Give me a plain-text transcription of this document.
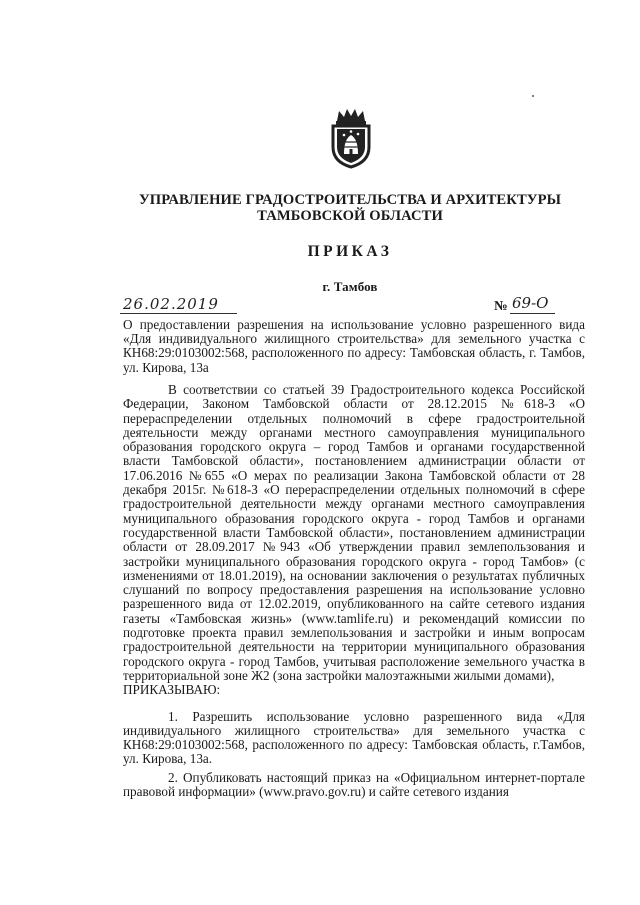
УПРАВЛЕНИЕ ГРАДОСТРОИТЕЛЬСТВА И АРХИТЕКТУРЫ
ТАМБОВСКОЙ ОБЛАСТИ
ПРИКАЗ
г. Тамбов
26.02.2019	№ 69-О
О предоставлении разрешения на использование условно разрешенного вида «Для индивидуального жилищного строительства» для земельного участка с КН68:29:0103002:568, расположенного по адресу: Тамбовская область, г. Тамбов, ул. Кирова, 13а

В соответствии со статьей 39 Градостроительного кодекса Российской Федерации, Законом Тамбовской области от 28.12.2015 №618-З «О перераспределении отдельных полномочий в сфере градостроительной деятельности между органами местного самоуправления муниципального образования городского округа – город Тамбов и органами государственной власти Тамбовской области», постановлением администрации области от 17.06.2016 №655 «О мерах по реализации Закона Тамбовской области от 28 декабря 2015г. №618-З «О перераспределении отдельных полномочий в сфере градостроительной деятельности между органами местного самоуправления муниципального образования городского округа - город Тамбов и органами государственной власти Тамбовской области», постановлением администрации области от 28.09.2017 №943 «Об утверждении правил землепользования и застройки муниципального образования городского округа - город Тамбов» (с изменениями от 18.01.2019), на основании заключения о результатах публичных слушаний по вопросу предоставления разрешения на использование условно разрешенного вида от 12.02.2019, опубликованного на сайте сетевого издания газеты «Тамбовская жизнь» (www.tamlife.ru) и рекомендаций комиссии по подготовке проекта правил землепользования и застройки и иным вопросам градостроительной деятельности на территории муниципального образования городского округа - город Тамбов, учитывая расположение земельного участка в территориальной зоне Ж2 (зона застройки малоэтажными жилыми домами),

ПРИКАЗЫВАЮ:

1. Разрешить использование условно разрешенного вида «Для индивидуального жилищного строительства» для земельного участка с КН68:29:0103002:568, расположенного по адресу: Тамбовская область, г.Тамбов, ул. Кирова, 13а.

2. Опубликовать настоящий приказ на «Официальном интернет-портале правовой информации» (www.pravo.gov.ru) и сайте сетевого издания
